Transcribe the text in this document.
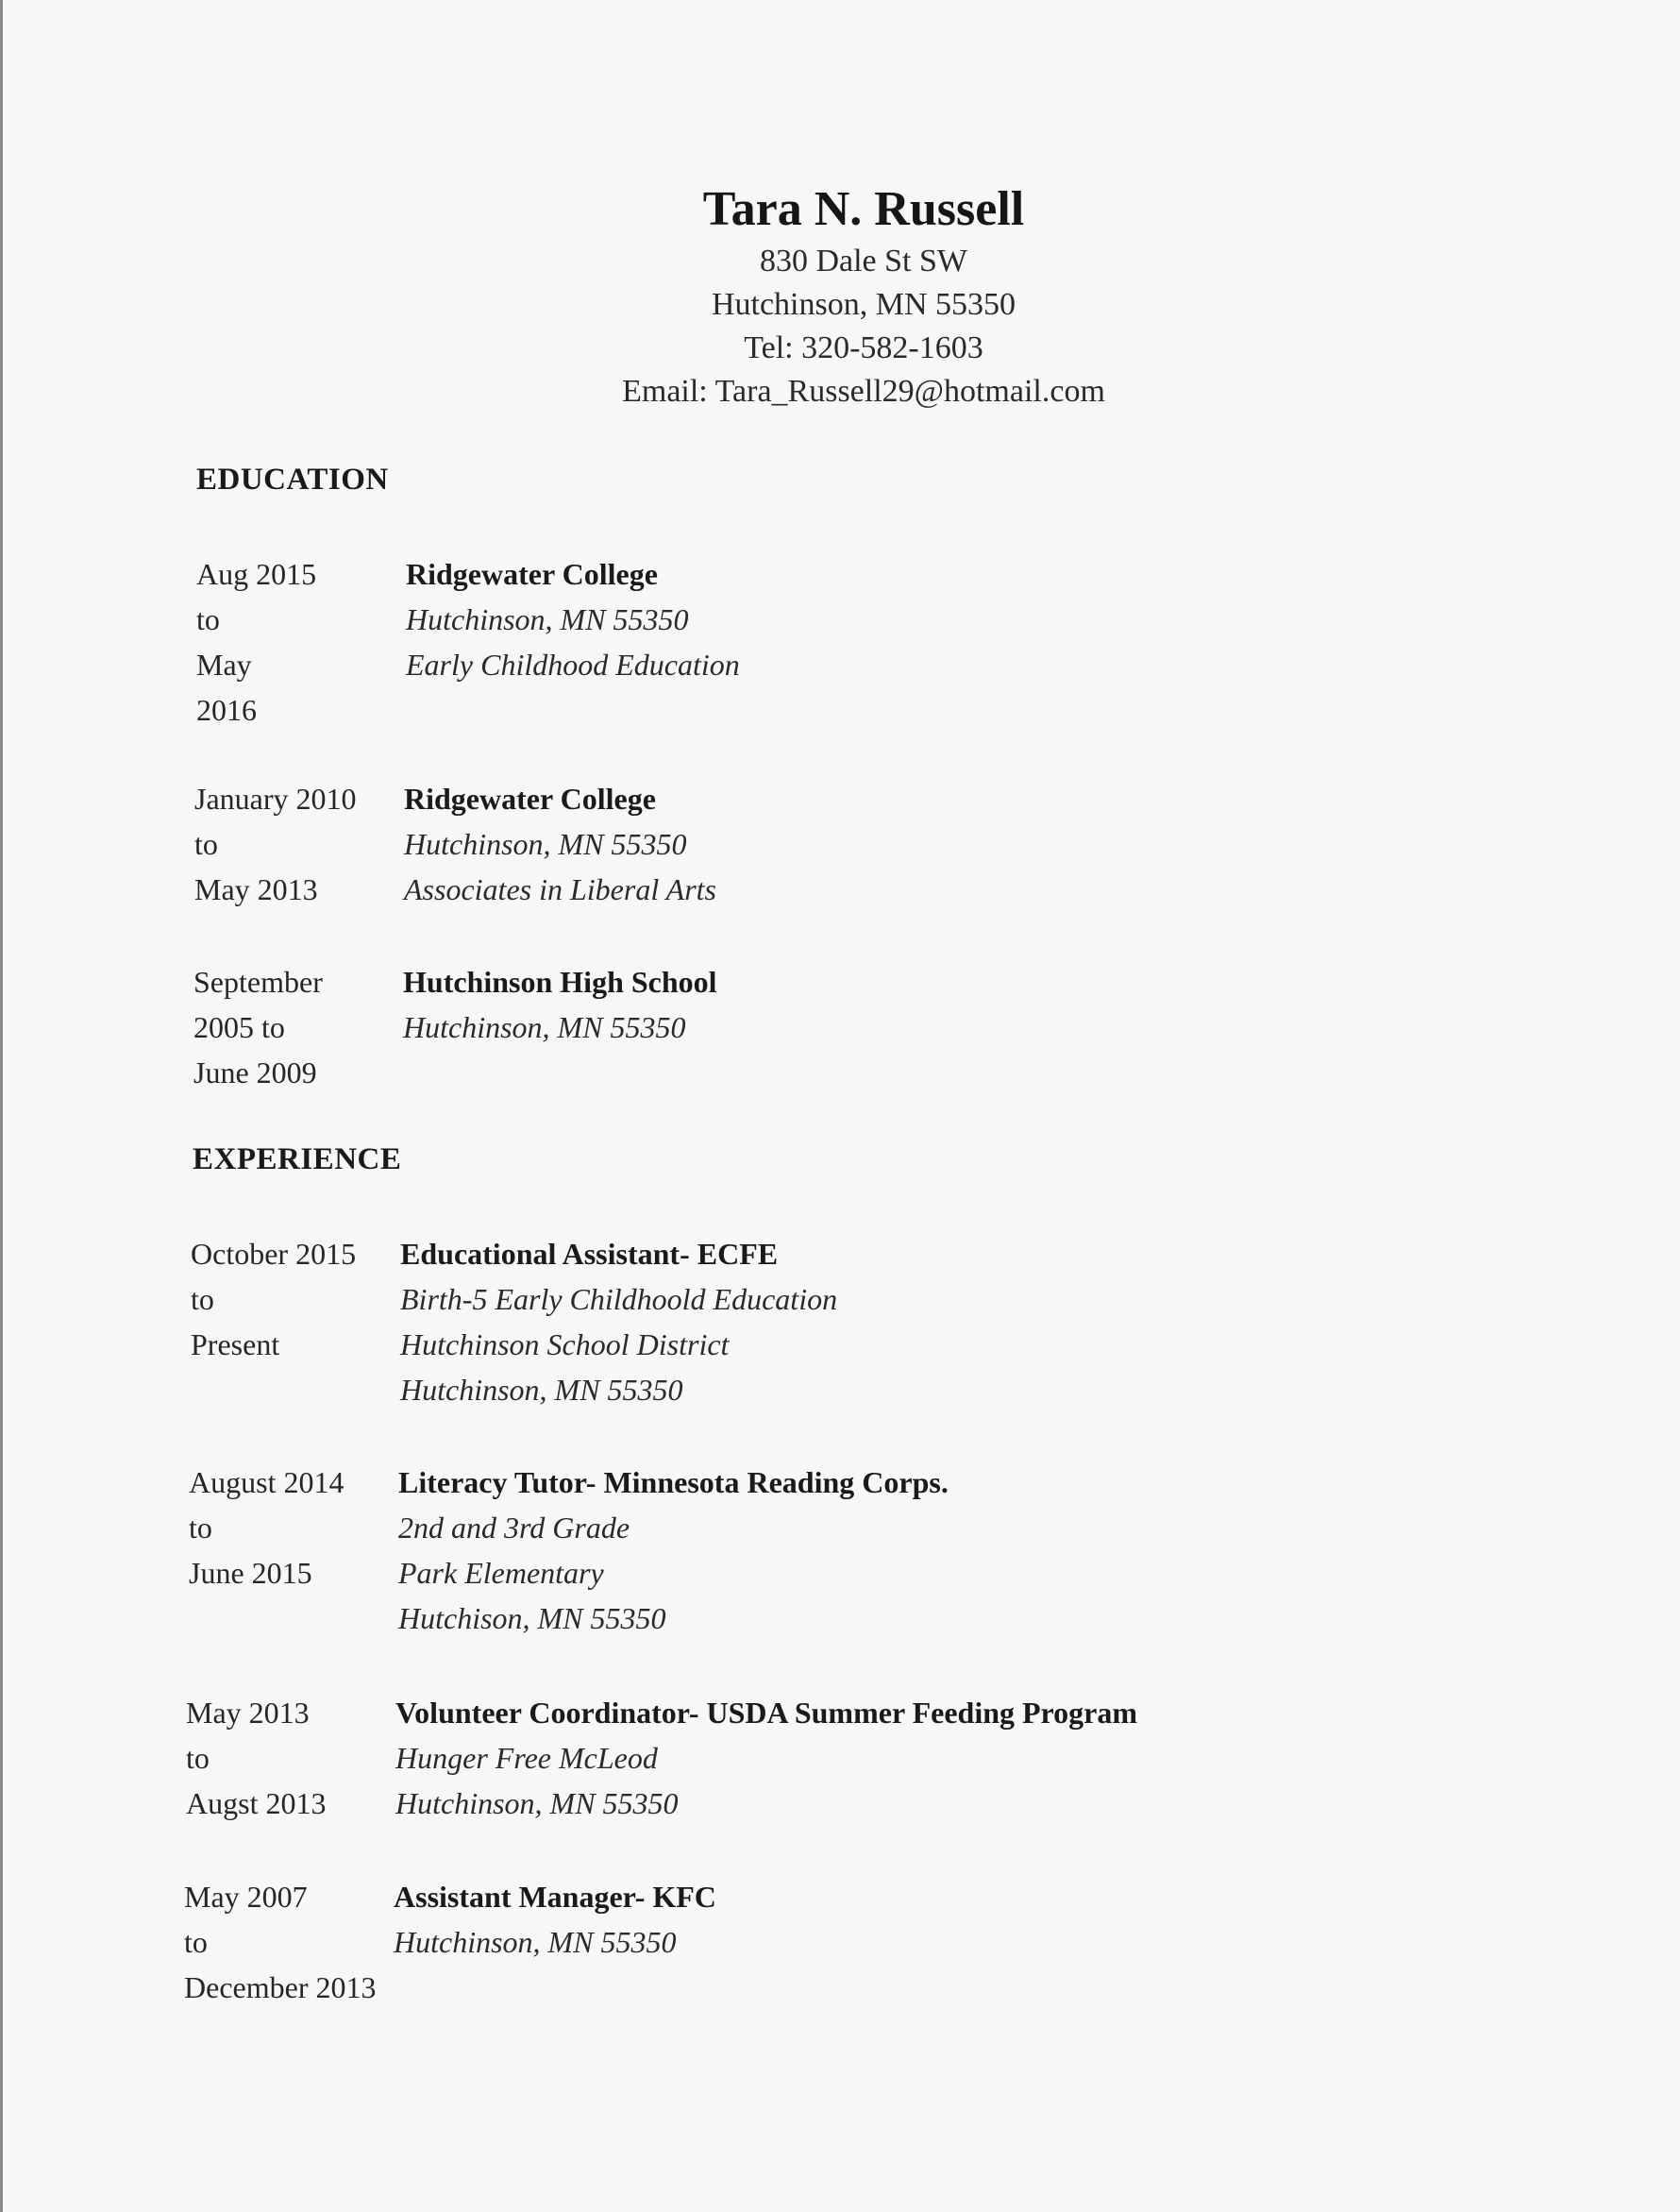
Tara N. Russell
830 Dale St SW
Hutchinson, MN 55350
Tel: 320-582-1603
Email: Tara_Russell29@hotmail.com
EDUCATION
Aug 2015
to
May
2016
Ridgewater College
Hutchinson, MN 55350
Early Childhood Education
January 2010
to
May 2013
Ridgewater College
Hutchinson, MN 55350
Associates in Liberal Arts
September
2005 to
June 2009
Hutchinson High School
Hutchinson, MN 55350
EXPERIENCE
October 2015
to
Present
Educational Assistant- ECFE
Birth-5 Early Childhoold Education
Hutchinson School District
Hutchinson, MN 55350
August 2014
to
June 2015
Literacy Tutor- Minnesota Reading Corps.
2nd and 3rd Grade
Park Elementary
Hutchison, MN 55350
May 2013
to
Augst 2013
Volunteer Coordinator- USDA Summer Feeding Program
Hunger Free McLeod
Hutchinson, MN 55350
May 2007
to
December 2013
Assistant Manager- KFC
Hutchinson, MN 55350
